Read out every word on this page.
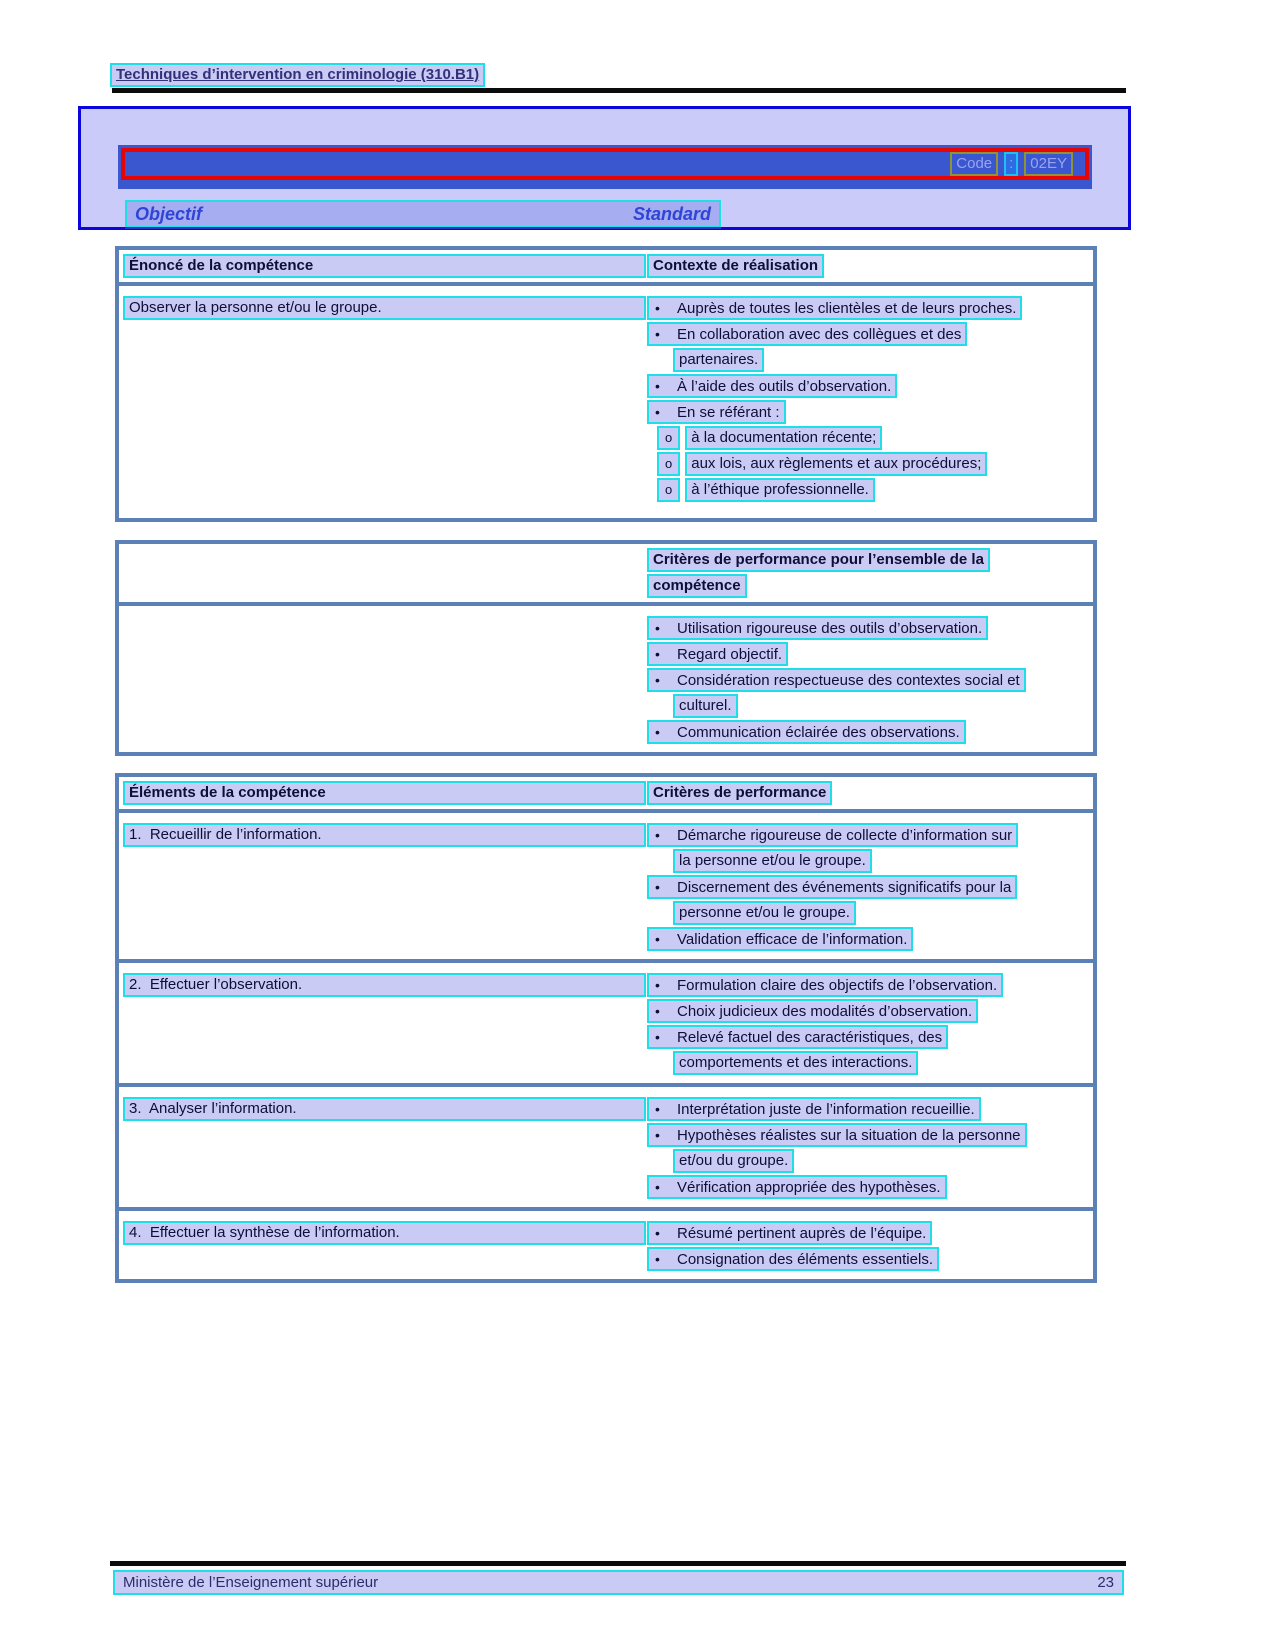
Techniques d’intervention en criminologie (310.B1)
Code	:	02EY
Objectif	Standard
Énoncé de la compétence	Contexte de réalisation
Observer la personne et/ou le groupe.	• Auprès de toutes les clientèles et de leurs proches.
• En collaboration avec des collègues et des
partenaires.
• À l’aide des outils d’observation.
• En se référant :
o	à la documentation récente;
o	aux lois, aux règlements et aux procédures;
o	à l’éthique professionnelle.
Critères de performance pour l’ensemble de la
compétence
• Utilisation rigoureuse des outils d’observation.
• Regard objectif.
• Considération respectueuse des contextes social et
culturel.
• Communication éclairée des observations.
Éléments de la compétence	Critères de performance
1.  Recueillir de l’information.	• Démarche rigoureuse de collecte d’information sur
la personne et/ou le groupe.
• Discernement des événements significatifs pour la
personne et/ou le groupe.
• Validation efficace de l’information.
2.  Effectuer l’observation.	• Formulation claire des objectifs de l’observation.
• Choix judicieux des modalités d’observation.
• Relevé factuel des caractéristiques, des
comportements et des interactions.
3.  Analyser l’information.	• Interprétation juste de l’information recueillie.
• Hypothèses réalistes sur la situation de la personne
et/ou du groupe.
• Vérification appropriée des hypothèses.
4.  Effectuer la synthèse de l’information.	• Résumé pertinent auprès de l’équipe.
• Consignation des éléments essentiels.
Ministère de l’Enseignement supérieur	23
